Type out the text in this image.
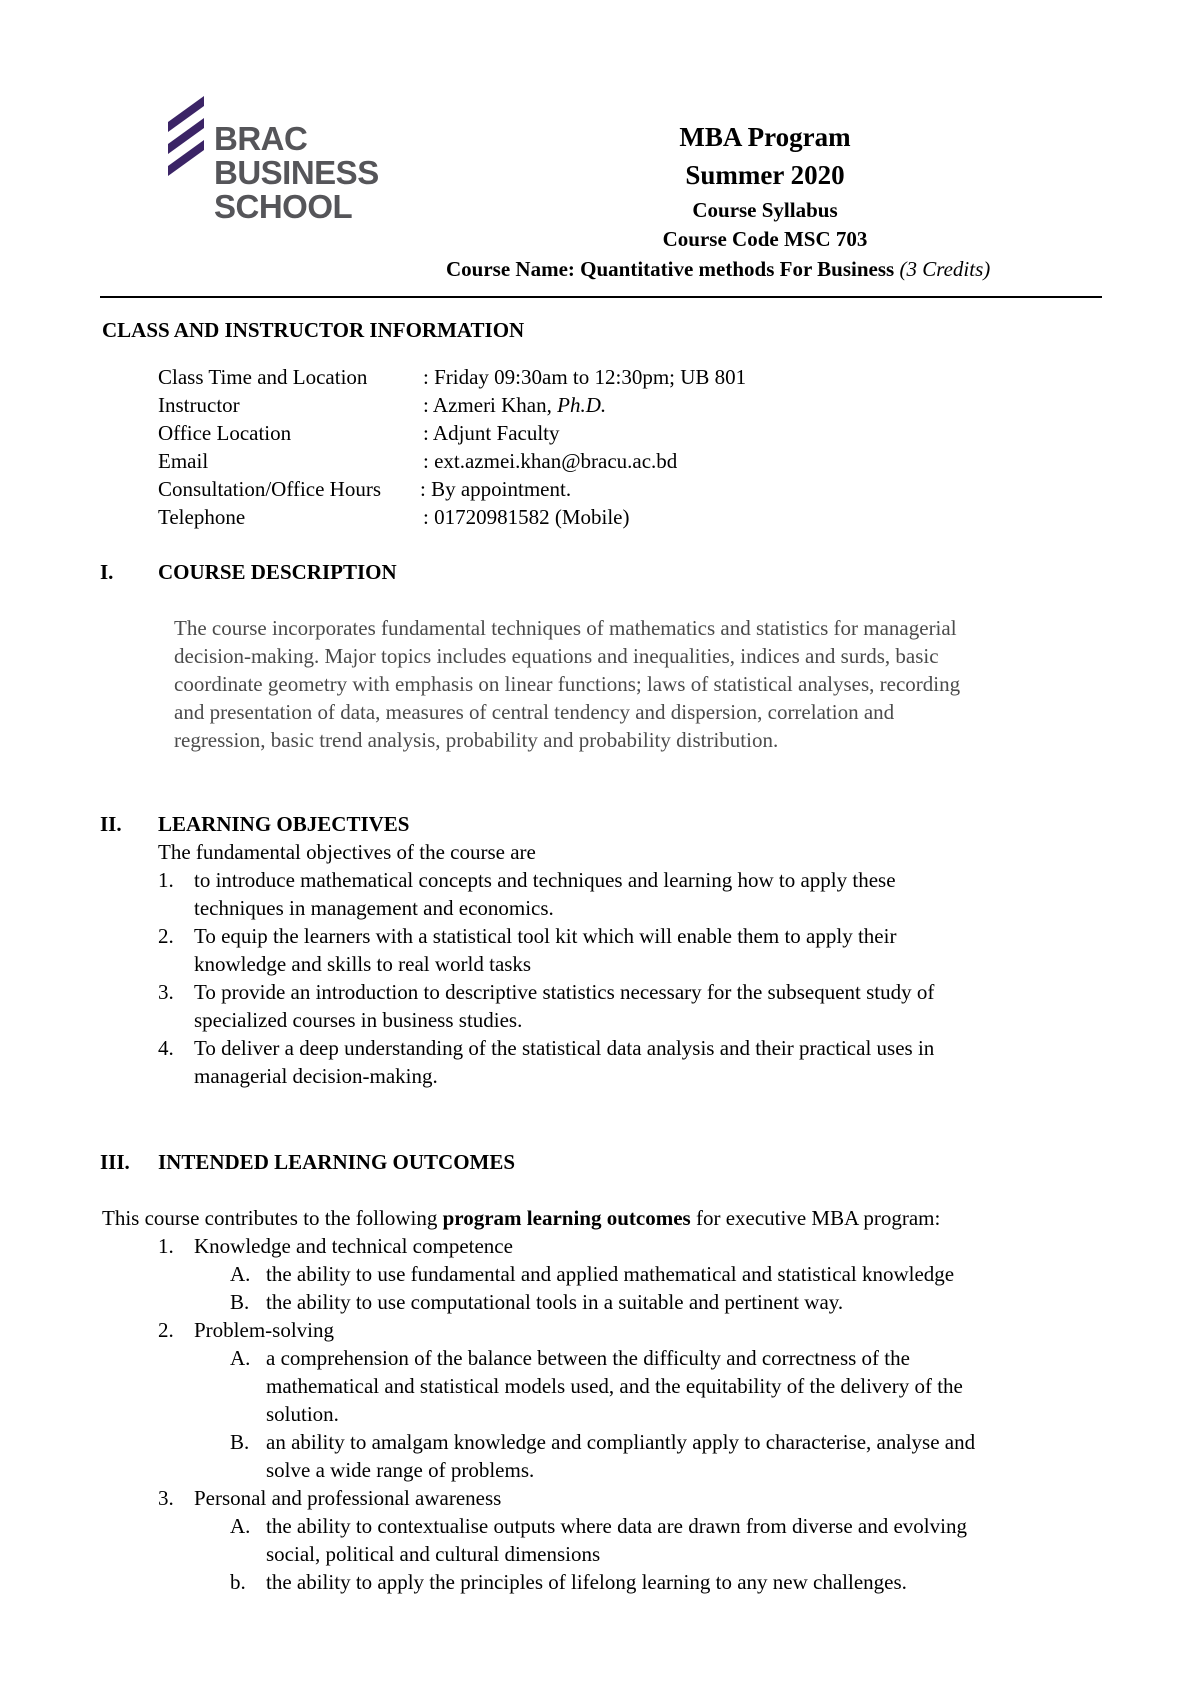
BRAC
BUSINESS
SCHOOL
MBA Program
Summer 2020
Course Syllabus
Course Code MSC 703
Course Name: Quantitative methods For Business (3 Credits)
CLASS AND INSTRUCTOR INFORMATION
Class Time and Location	: Friday 09:30am to 12:30pm; UB 801
Instructor	: Azmeri Khan, Ph.D.
Office Location	: Adjunt Faculty
Email	: ext.azmei.khan@bracu.ac.bd
Consultation/Office Hours : By appointment.
Telephone	: 01720981582 (Mobile)
I. COURSE DESCRIPTION
The course incorporates fundamental techniques of mathematics and statistics for managerial
decision-making. Major topics includes equations and inequalities, indices and surds, basic
coordinate geometry with emphasis on linear functions; laws of statistical analyses, recording
and presentation of data, measures of central tendency and dispersion, correlation and
regression, basic trend analysis, probability and probability distribution.
II. LEARNING OBJECTIVES
The fundamental objectives of the course are
1. to introduce mathematical concepts and techniques and learning how to apply these
techniques in management and economics.
2. To equip the learners with a statistical tool kit which will enable them to apply their
knowledge and skills to real world tasks
3. To provide an introduction to descriptive statistics necessary for the subsequent study of
specialized courses in business studies.
4. To deliver a deep understanding of the statistical data analysis and their practical uses in
managerial decision-making.
III. INTENDED LEARNING OUTCOMES
This course contributes to the following program learning outcomes for executive MBA program:
1. Knowledge and technical competence
A. the ability to use fundamental and applied mathematical and statistical knowledge
B. the ability to use computational tools in a suitable and pertinent way.
2. Problem-solving
A. a comprehension of the balance between the difficulty and correctness of the
mathematical and statistical models used, and the equitability of the delivery of the
solution.
B. an ability to amalgam knowledge and compliantly apply to characterise, analyse and
solve a wide range of problems.
3. Personal and professional awareness
A. the ability to contextualise outputs where data are drawn from diverse and evolving
social, political and cultural dimensions
b. the ability to apply the principles of lifelong learning to any new challenges.
